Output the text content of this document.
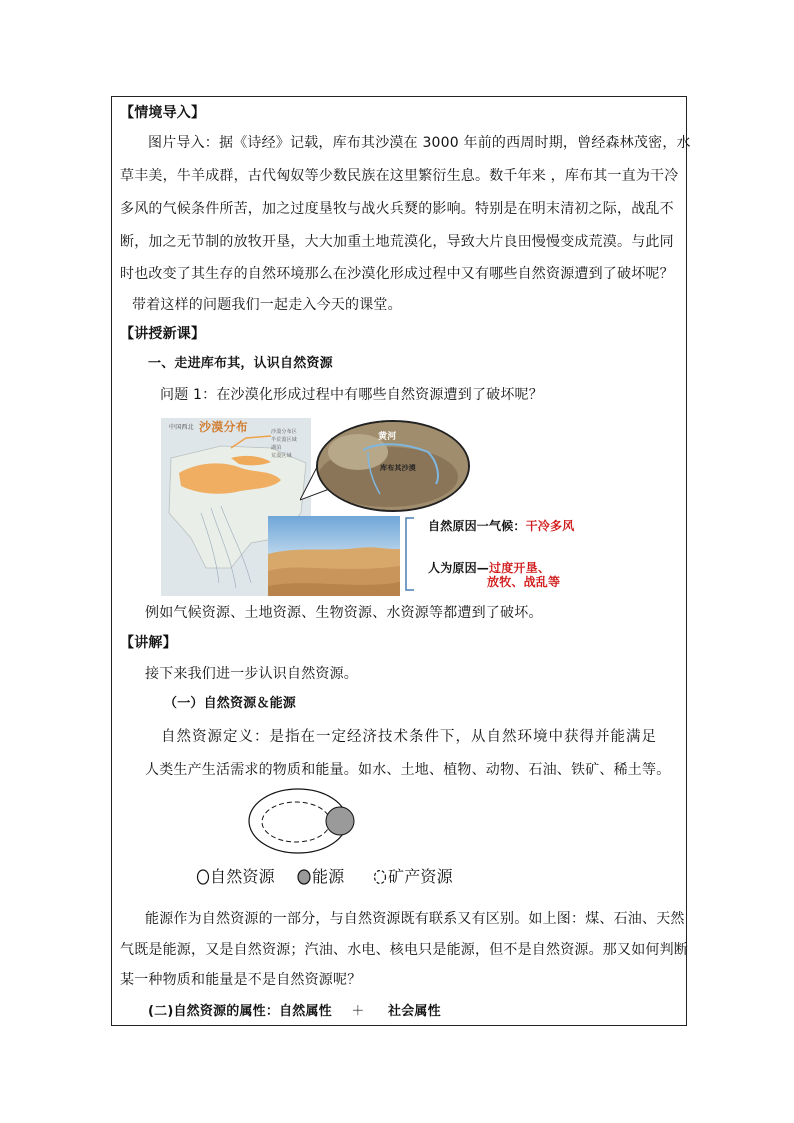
【情境导入】
图片导入：据《诗经》记载，库布其沙漠在 3000 年前的西周时期，曾经森林茂密，水
草丰美，牛羊成群，古代匈奴等少数民族在这里繁衍生息。数千年来 ，库布其一直为干冷
多风的气候条件所苦，加之过度垦牧与战火兵燹的影响。特别是在明末清初之际，战乱不
断，加之无节制的放牧开垦，大大加重土地荒漠化，导致大片良田慢慢变成荒漠。与此同
时也改变了其生存的自然环境那么在沙漠化形成过程中又有哪些自然资源遭到了破坏呢？
带着这样的问题我们一起走入今天的课堂。
【讲授新课】
一、走进库布其，认识自然资源
问题 1：在沙漠化形成过程中有哪些自然资源遭到了破坏呢？
中国西北 沙漠分布	沙漠分布区
半荒漠区域
湖泊
荒漠区域
黄河
库布其沙漠
自然原因一气候：干冷多风
人为原因—过度开垦、
放牧、战乱等
例如气候资源、土地资源、生物资源、水资源等都遭到了破坏。
【讲解】
接下来我们进一步认识自然资源。
（一）自然资源＆能源
自然资源定义：是指在一定经济技术条件下，从自然环境中获得并能满足
人类生产生活需求的物质和能量。如水、土地、植物、动物、石油、铁矿、稀土等。
自然资源 能源	矿产资源
能源作为自然资源的一部分，与自然资源既有联系又有区别。如上图：煤、石油、天然
气既是能源，又是自然资源；汽油、水电、核电只是能源，但不是自然资源。那又如何判断
某一种物质和能量是不是自然资源呢？
(二)自然资源的属性：自然属性 ＋ 社会属性
